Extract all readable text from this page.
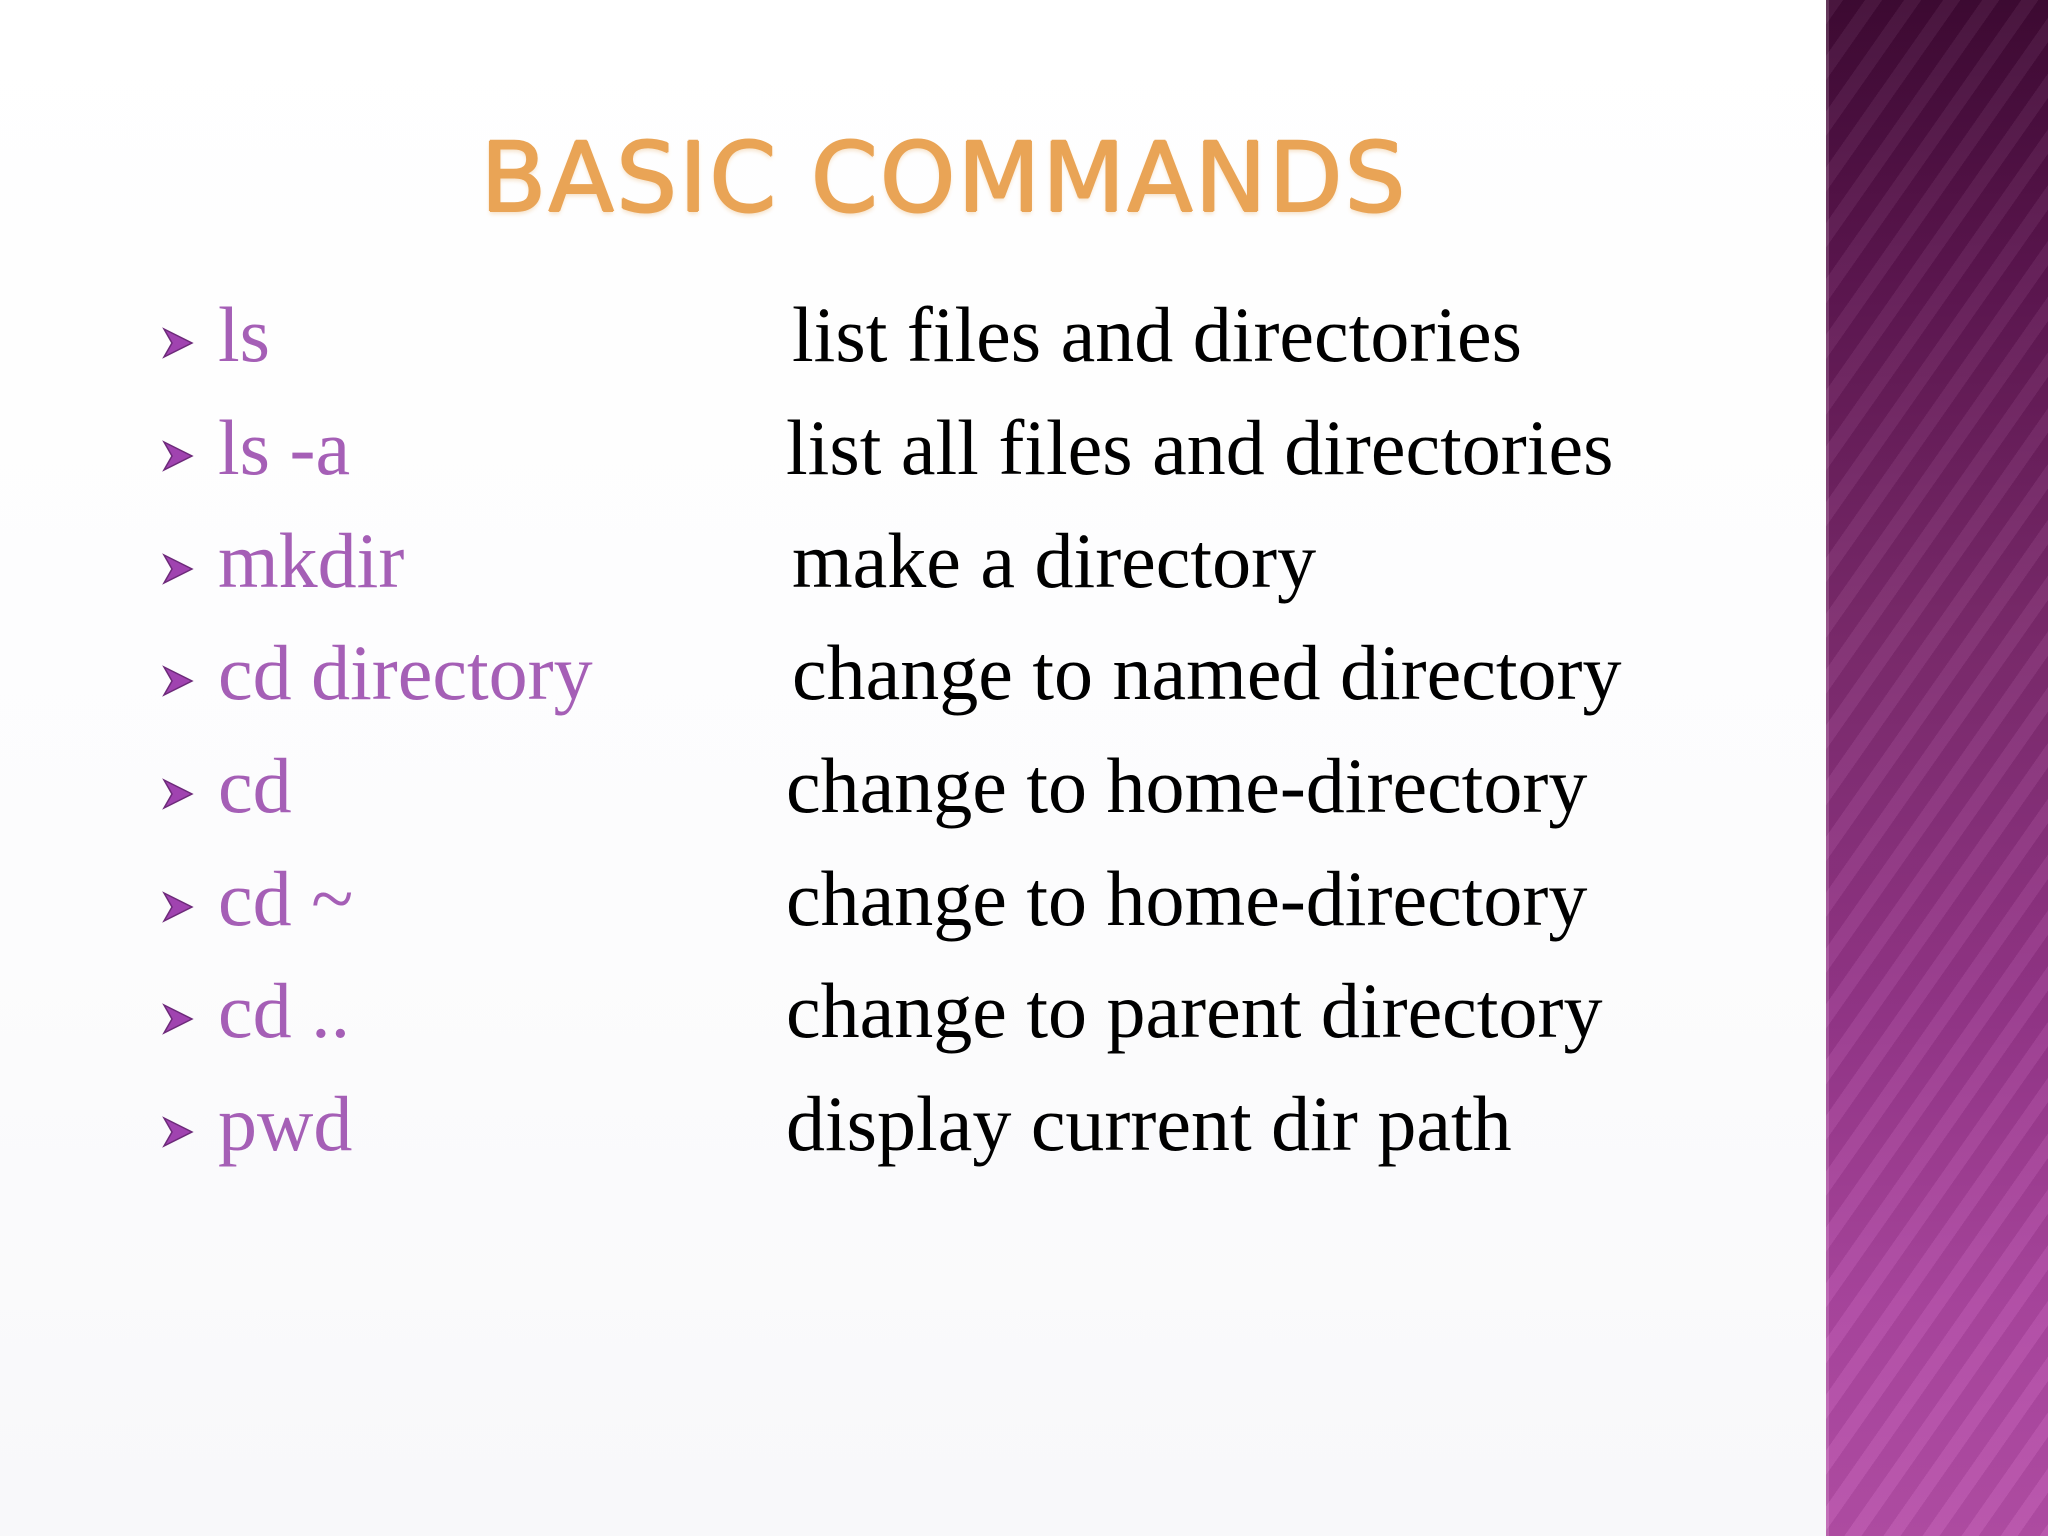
BASIC COMMANDS
ls	list files and directories
ls -a	list all files and directories
mkdir	make a directory
cd directory	change to named directory
cd	change to home-directory
cd ~	change to home-directory
cd ..	change to parent directory
pwd	display current dir path
